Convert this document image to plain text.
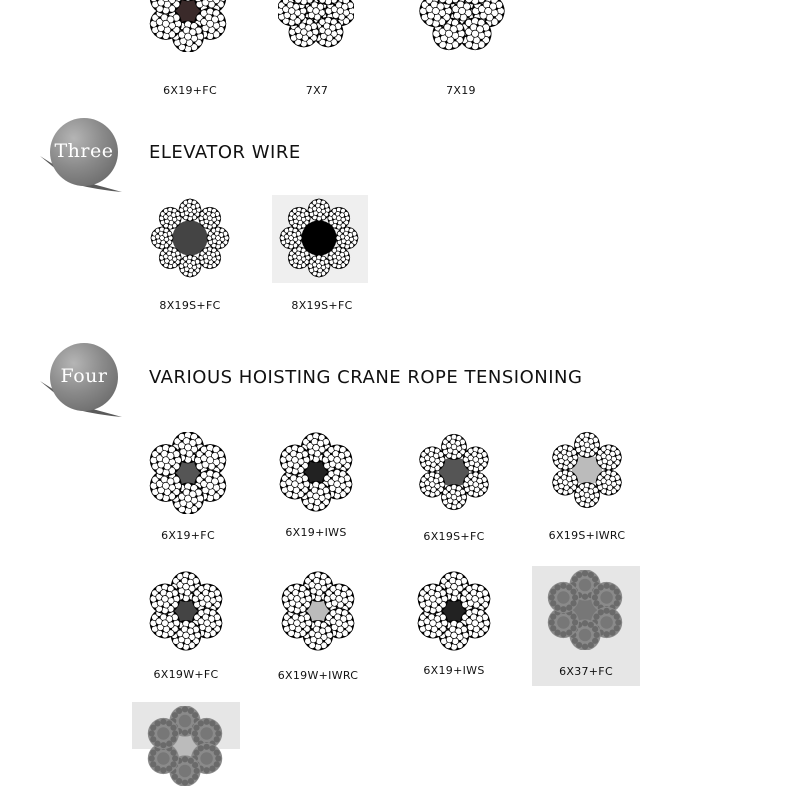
6X19+FC	7X7	7X19
Three ELEVATOR WIRE
8X19S+FC	8X19S+FC
Four	VARIOUS HOISTING CRANE ROPE TENSIONING
6X19+FC	6X19+IWS	6X19S+FC	6X19S+IWRC
6X19W+FC	6X19W+IWRC	6X19+IWS	6X37+FC
